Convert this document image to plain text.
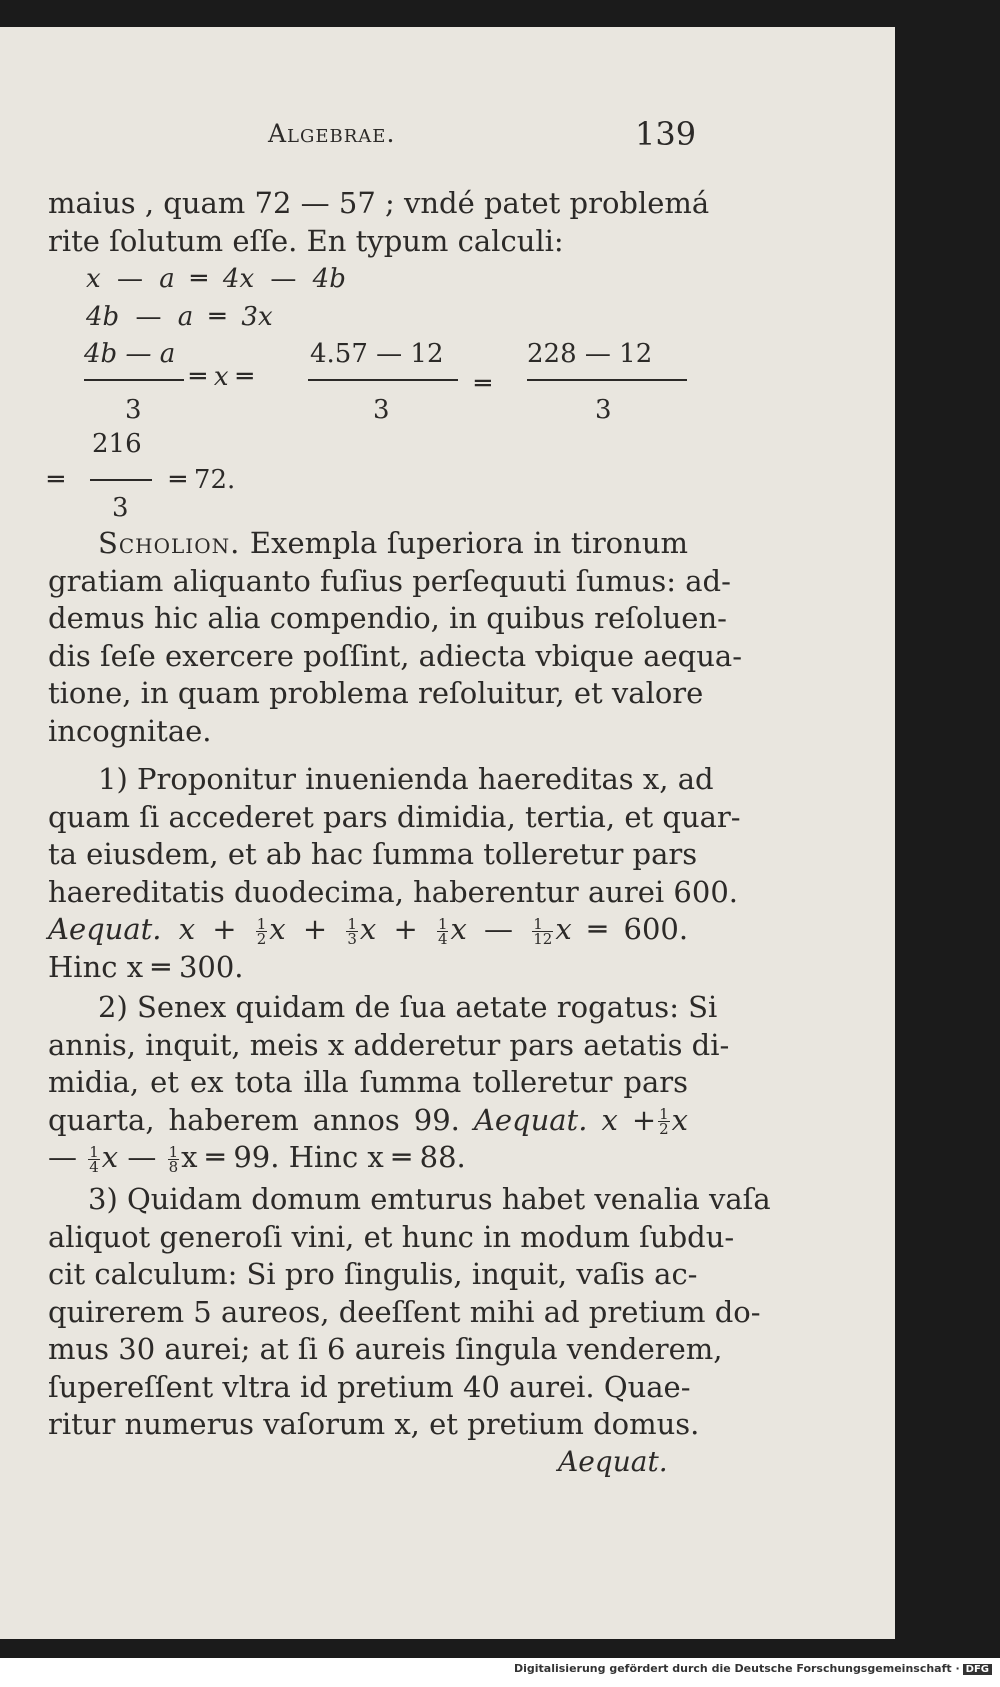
Algebrae.	139
maius , quam 72 — 57 ; vndé patet problemá
rite ſolutum eſſe. En typum calculi:
x — a ═ 4x — 4b
4b — a ═ 3x
4b — a
3
═ x ═
4.57 — 12
3
═
228 — 12
3
216
═
3
═ 72.
Scholion. Exempla ſuperiora in tironum
gratiam aliquanto fuſius perſequuti ſumus: ad-
demus hic alia compendio, in quibus reſoluen-
dis ſeſe exercere poſſint, adiecta vbique aequa-
tione, in quam problema reſoluitur, et valore
incognitae.
1) Proponitur inuenienda haereditas x, ad
quam ſi accederet pars dimidia, tertia, et quar-
ta eiusdem, et ab hac ſumma tolleretur pars
haereditatis duodecima, haberentur aurei 600.
Aequat. $x + \frac{1}{2}$ $x + \frac{1}{3}$ $x + \frac{1}{4}$ x — $\frac{1}{12}$ x ═ 600.
Hinc x ═ 300.
2) Senex quidam de ſua aetate rogatus: Si
annis, inquit, meis x adderetur pars aetatis di-
midia, et ex tota illa ſumma tolleretur pars
quarta, haberem annos 99. Aequat. $x + \frac{1}{2}$ x
— $\frac{1}{4}$ x — $\frac{1}{8}$ x ═ 99. Hinc x ═ 88.
3) Quidam domum emturus habet venalia vaſa
aliquot generoſi vini, et hunc in modum ſubdu-
cit calculum: Si pro ſingulis, inquit, vaſis ac-
quirerem 5 aureos, deeſſent mihi ad pretium do-
mus 30 aurei; at ſi 6 aureis ſingula venderem,
ſupereſſent vltra id pretium 40 aurei. Quae-
ritur numerus vaſorum x, et pretium domus.
Aequat.
Digitalisierung gefördert durch die Deutsche Forschungsgemeinschaft · DFG
